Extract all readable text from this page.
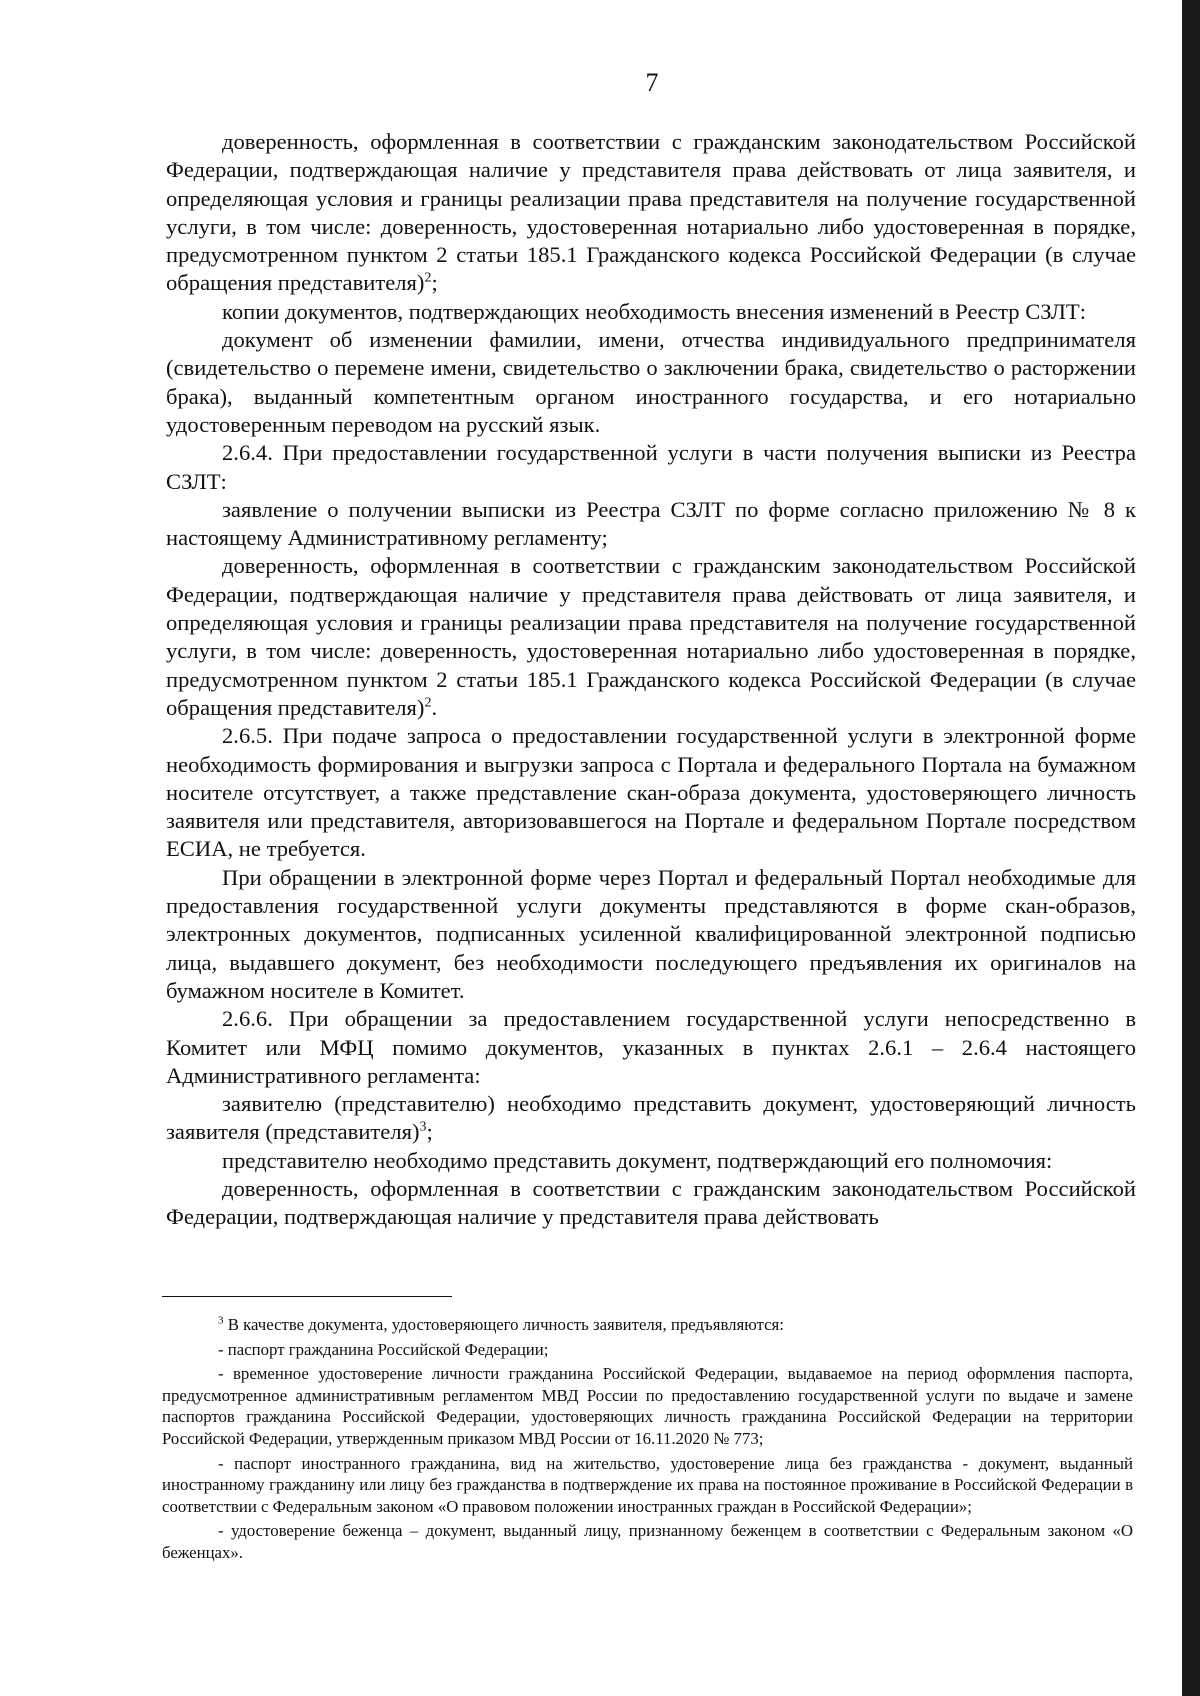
7

доверенность, оформленная в соответствии с гражданским законодательством Российской Федерации, подтверждающая наличие у представителя права действовать от лица заявителя, и определяющая условия и границы реализации права представителя на получение государственной услуги, в том числе: доверенность, удостоверенная нотариально либо удостоверенная в порядке, предусмотренном пунктом 2 статьи 185.1 Гражданского кодекса Российской Федерации (в случае обращения представителя)$^2$;

копии документов, подтверждающих необходимость внесения изменений в Реестр СЗЛТ:

документ об изменении фамилии, имени, отчества индивидуального предпринимателя (свидетельство о перемене имени, свидетельство о заключении брака, свидетельство о расторжении брака), выданный компетентным органом иностранного государства, и его нотариально удостоверенным переводом на русский язык.

2.6.4. При предоставлении государственной услуги в части получения выписки из Реестра СЗЛТ:

заявление о получении выписки из Реестра СЗЛТ по форме согласно приложению № 8 к настоящему Административному регламенту;

доверенность, оформленная в соответствии с гражданским законодательством Российской Федерации, подтверждающая наличие у представителя права действовать от лица заявителя, и определяющая условия и границы реализации права представителя на получение государственной услуги, в том числе: доверенность, удостоверенная нотариально либо удостоверенная в порядке, предусмотренном пунктом 2 статьи 185.1 Гражданского кодекса Российской Федерации (в случае обращения представителя)$^2$.

2.6.5. При подаче запроса о предоставлении государственной услуги в электронной форме необходимость формирования и выгрузки запроса с Портала и федерального Портала на бумажном носителе отсутствует, а также представление скан-образа документа, удостоверяющего личность заявителя или представителя, авторизовавшегося на Портале и федеральном Портале посредством ЕСИА, не требуется.

При обращении в электронной форме через Портал и федеральный Портал необходимые для предоставления государственной услуги документы представляются в форме скан-образов, электронных документов, подписанных усиленной квалифицированной электронной подписью лица, выдавшего документ, без необходимости последующего предъявления их оригиналов на бумажном носителе в Комитет.

2.6.6. При обращении за предоставлением государственной услуги непосредственно в Комитет или МФЦ помимо документов, указанных в пунктах 2.6.1 – 2.6.4 настоящего Административного регламента:

заявителю (представителю) необходимо представить документ, удостоверяющий личность заявителя (представителя)$^3$;

представителю необходимо представить документ, подтверждающий его полномочия:

доверенность, оформленная в соответствии с гражданским законодательством Российской Федерации, подтверждающая наличие у представителя права действовать

$^3$ В качестве документа, удостоверяющего личность заявителя, предъявляются:

- паспорт гражданина Российской Федерации;

- временное удостоверение личности гражданина Российской Федерации, выдаваемое на период оформления паспорта, предусмотренное административным регламентом МВД России по предоставлению государственной услуги по выдаче и замене паспортов гражданина Российской Федерации, удостоверяющих личность гражданина Российской Федерации на территории Российской Федерации, утвержденным приказом МВД России от 16.11.2020 № 773;

- паспорт иностранного гражданина, вид на жительство, удостоверение лица без гражданства - документ, выданный иностранному гражданину или лицу без гражданства в подтверждение их права на постоянное проживание в Российской Федерации в соответствии с Федеральным законом «О правовом положении иностранных граждан в Российской Федерации»;

- удостоверение беженца – документ, выданный лицу, признанному беженцем в соответствии с Федеральным законом «О беженцах».
